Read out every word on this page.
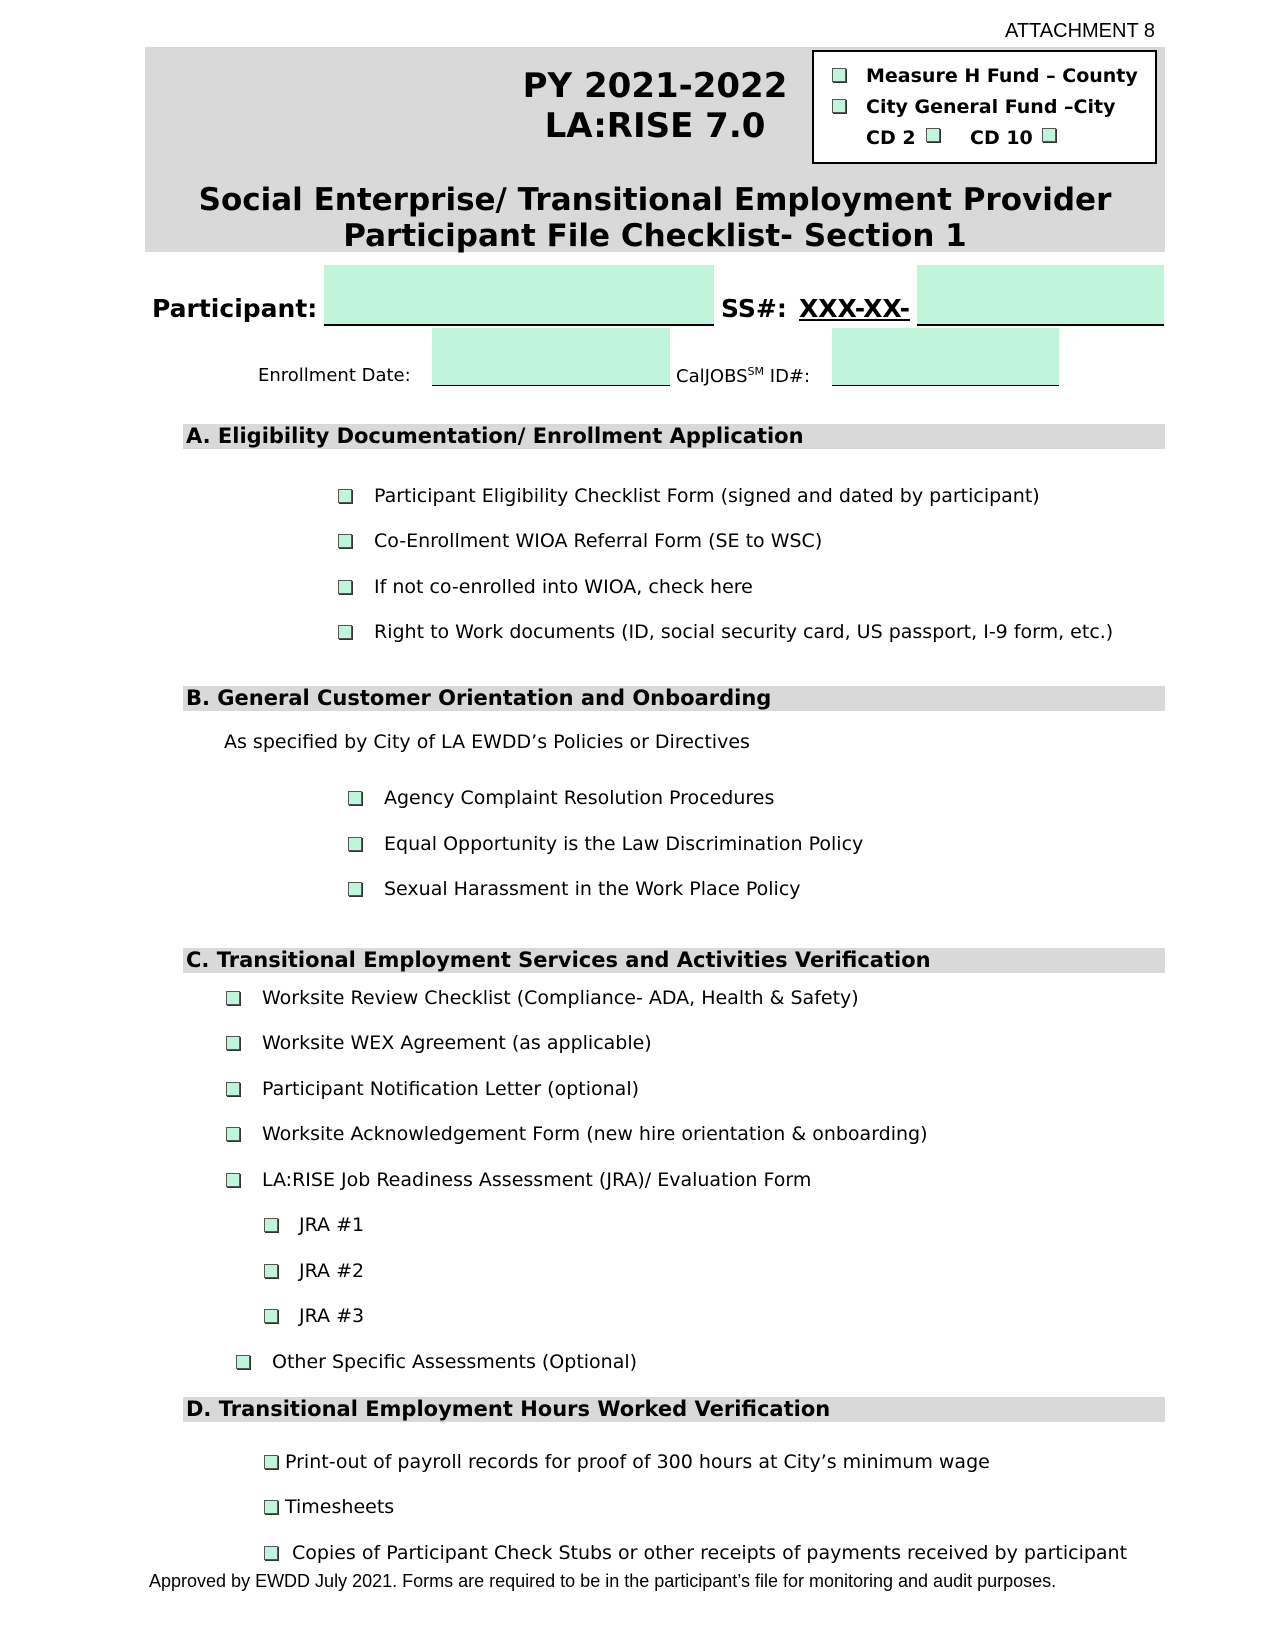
ATTACHMENT 8
PY 2021-2022
LA:RISE 7.0
Measure H Fund – County
City General Fund –City
CD 2	CD 10
Social Enterprise/ Transitional Employment Provider
Participant File Checklist- Section 1
Participant:	SS#: XXX-XX-
Enrollment Date:	CalJOBS℠ ID#:
A. Eligibility Documentation/ Enrollment Application
Participant Eligibility Checklist Form (signed and dated by participant)
Co-Enrollment WIOA Referral Form (SE to WSC)
If not co-enrolled into WIOA, check here
Right to Work documents (ID, social security card, US passport, I-9 form, etc.)
B. General Customer Orientation and Onboarding
As specified by City of LA EWDD’s Policies or Directives
Agency Complaint Resolution Procedures
Equal Opportunity is the Law Discrimination Policy
Sexual Harassment in the Work Place Policy
C. Transitional Employment Services and Activities Verification
Worksite Review Checklist (Compliance- ADA, Health & Safety)
Worksite WEX Agreement (as applicable)
Participant Notification Letter (optional)
Worksite Acknowledgement Form (new hire orientation & onboarding)
LA:RISE Job Readiness Assessment (JRA)/ Evaluation Form
JRA #1
JRA #2
JRA #3
Other Specific Assessments (Optional)
D. Transitional Employment Hours Worked Verification
Print-out of payroll records for proof of 300 hours at City’s minimum wage
Timesheets
Copies of Participant Check Stubs or other receipts of payments received by participant
Approved by EWDD July 2021. Forms are required to be in the participant’s file for monitoring and audit purposes.
